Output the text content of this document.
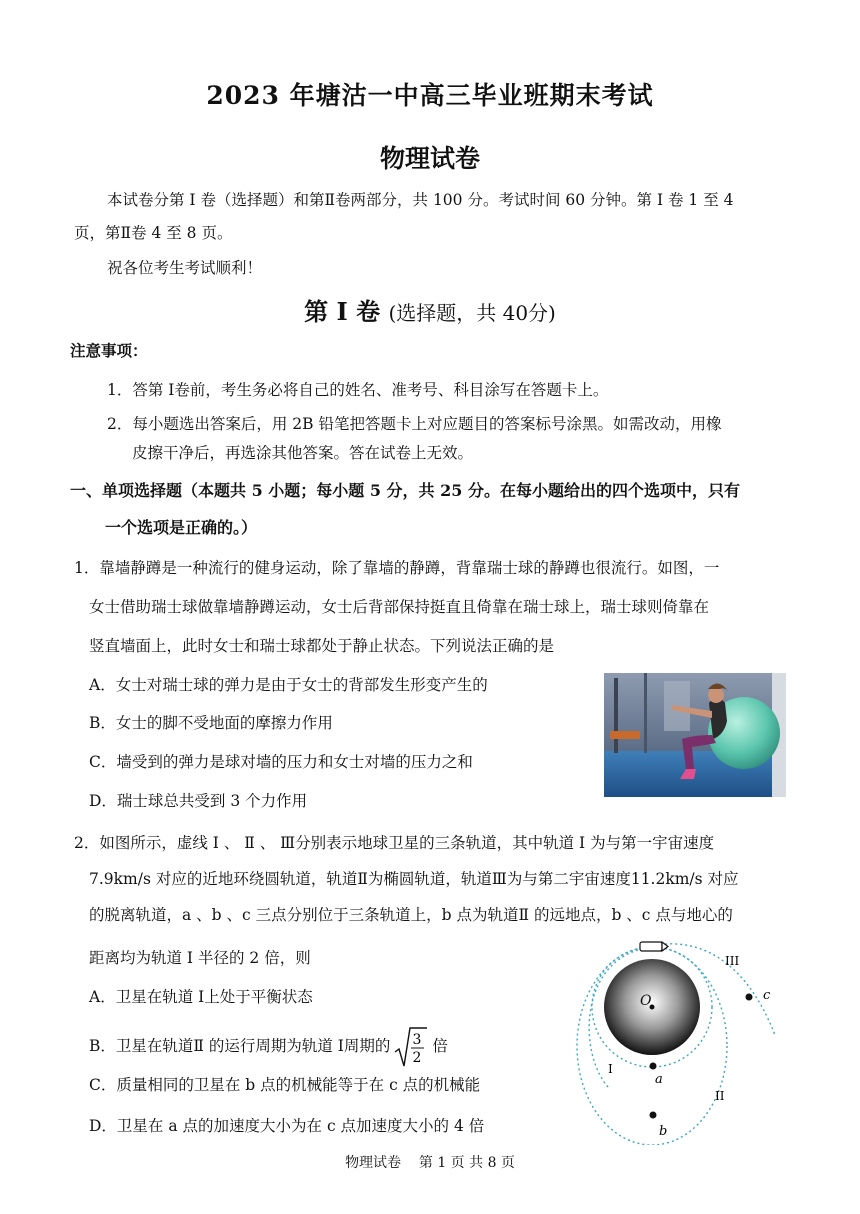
2023 年塘沽一中高三毕业班期末考试
物理试卷
本试卷分第 Ⅰ 卷（选择题）和第Ⅱ卷两部分，共 100 分。考试时间 60 分钟。第 Ⅰ 卷 1 至 4
页，第Ⅱ卷 4 至 8 页。
祝各位考生考试顺利！
第 Ⅰ 卷 (选择题，共 40分)
注意事项：
1．答第 Ⅰ卷前，考生务必将自己的姓名、准考号、科目涂写在答题卡上。
2．每小题选出答案后，用 2B 铅笔把答题卡上对应题目的答案标号涂黑。如需改动，用橡
皮擦干净后，再选涂其他答案。答在试卷上无效。
一、单项选择题（本题共 5 小题；每小题 5 分，共 25 分。在每小题给出的四个选项中，只有
一个选项是正确的。）
1．靠墙静蹲是一种流行的健身运动，除了靠墙的静蹲，背靠瑞士球的静蹲也很流行。如图，一
女士借助瑞士球做靠墙静蹲运动，女士后背部保持挺直且倚靠在瑞士球上，瑞士球则倚靠在
竖直墙面上，此时女士和瑞士球都处于静止状态。下列说法正确的是
A．女士对瑞士球的弹力是由于女士的背部发生形变产生的
B．女士的脚不受地面的摩擦力作用
C．墙受到的弹力是球对墙的压力和女士对墙的压力之和
D．瑞士球总共受到 3 个力作用
2．如图所示，虚线 Ⅰ 、 Ⅱ 、 Ⅲ分别表示地球卫星的三条轨道，其中轨道 Ⅰ 为与第一宇宙速度
7.9km/s 对应的近地环绕圆轨道，轨道Ⅱ为椭圆轨道，轨道Ⅲ为与第二宇宙速度11.2km/s 对应
的脱离轨道，a 、b 、c 三点分别位于三条轨道上，b 点为轨道Ⅱ 的远地点，b 、c 点与地心的
距离均为轨道 Ⅰ 半径的 2 倍，则
A．卫星在轨道 Ⅰ上处于平衡状态
B．卫星在轨道Ⅱ 的运行周期为轨道 Ⅰ周期的 3
2
倍
C．质量相同的卫星在 b 点的机械能等于在 c 点的机械能
D．卫星在 a 点的加速度大小为在 c 点加速度大小的 4 倍
O
a
b
c
I
II
III
物理试卷    第 1 页 共 8 页
